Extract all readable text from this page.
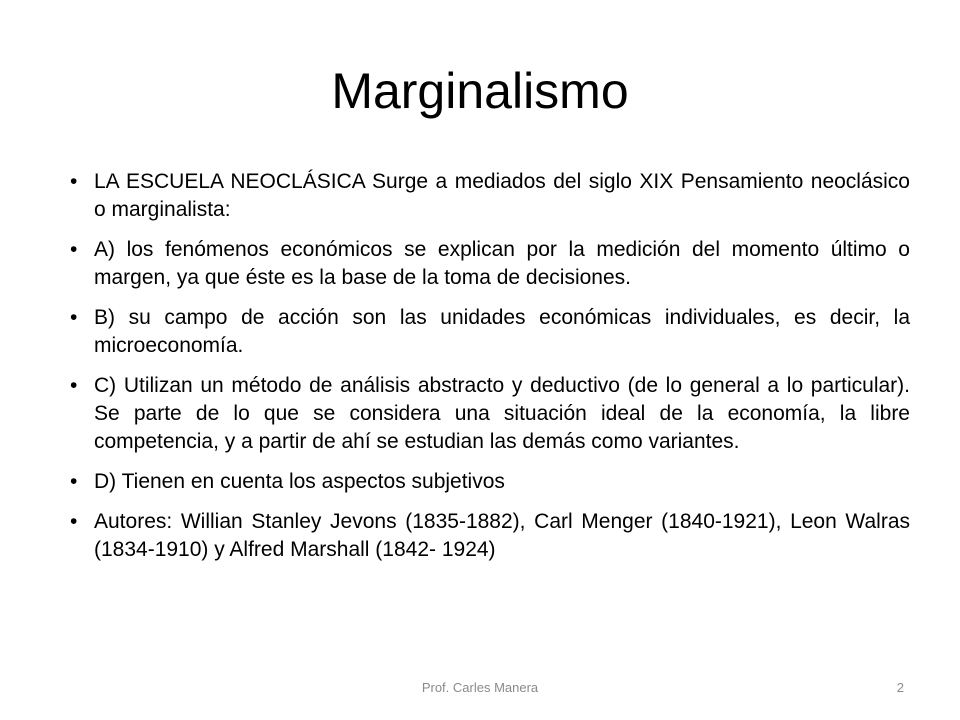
Marginalismo
• LA ESCUELA NEOCLÁSICA Surge a mediados del siglo XIX Pensamiento neoclásico o marginalista:
• A) los fenómenos económicos se explican por la medición del momento último o margen, ya que éste es la base de la toma de decisiones.
• B) su campo de acción son las unidades económicas individuales, es decir, la microeconomía.
• C) Utilizan un método de análisis abstracto y deductivo (de lo general a lo particular). Se parte de lo que se considera una situación ideal de la economía, la libre competencia, y a partir de ahí se estudian las demás como variantes.
• D) Tienen en cuenta los aspectos subjetivos
• Autores: Willian Stanley Jevons (1835-1882), Carl Menger (1840-1921), Leon Walras (1834-1910) y Alfred Marshall (1842- 1924)
Prof. Carles Manera	2
